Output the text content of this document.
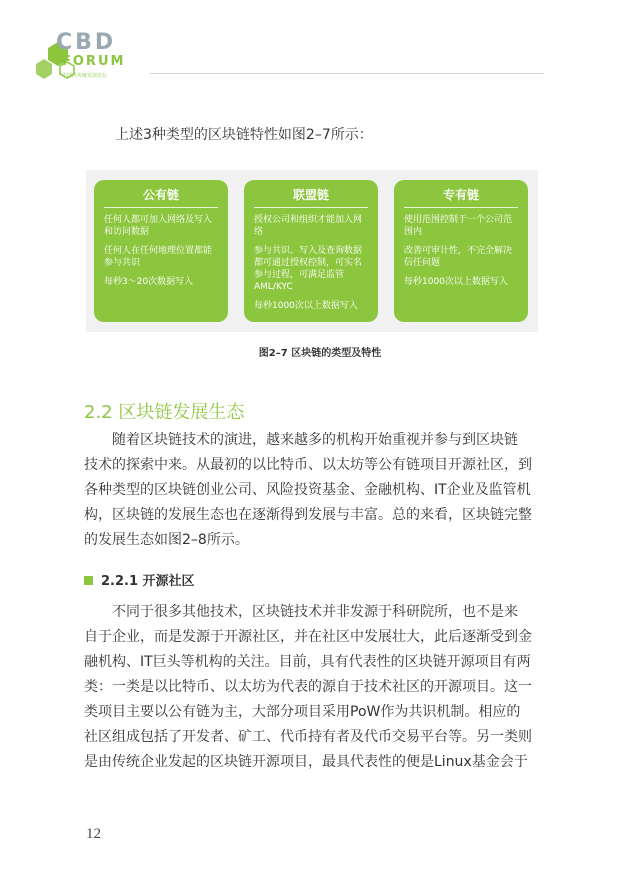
CBD
FORUM
中国区块链发展论坛
上述3种类型的区块链特性如图2–7所示：
公有链
任何人都可加入网络及写入和访问数据
任何人在任何地理位置都能参与共识
每秒3～20次数据写入
联盟链
授权公司和组织才能加入网络
参与共识、写入及查询数据都可通过授权控制，可实名参与过程，可满足监管AML/KYC
每秒1000次以上数据写入
专有链
使用范围控制于一个公司范围内
改善可审计性，不完全解决信任问题
每秒1000次以上数据写入
图2–7 区块链的类型及特性
2.2 区块链发展生态
随着区块链技术的演进，越来越多的机构开始重视并参与到区块链
技术的探索中来。从最初的以比特币、以太坊等公有链项目开源社区，到
各种类型的区块链创业公司、风险投资基金、金融机构、IT企业及监管机
构，区块链的发展生态也在逐渐得到发展与丰富。总的来看，区块链完整
的发展生态如图2–8所示。
2.2.1 开源社区
不同于很多其他技术，区块链技术并非发源于科研院所，也不是来
自于企业，而是发源于开源社区，并在社区中发展壮大，此后逐渐受到金
融机构、IT巨头等机构的关注。目前，具有代表性的区块链开源项目有两
类：一类是以比特币、以太坊为代表的源自于技术社区的开源项目。这一
类项目主要以公有链为主，大部分项目采用PoW作为共识机制。相应的
社区组成包括了开发者、矿工、代币持有者及代币交易平台等。另一类则
是由传统企业发起的区块链开源项目，最具代表性的便是Linux基金会于
12
